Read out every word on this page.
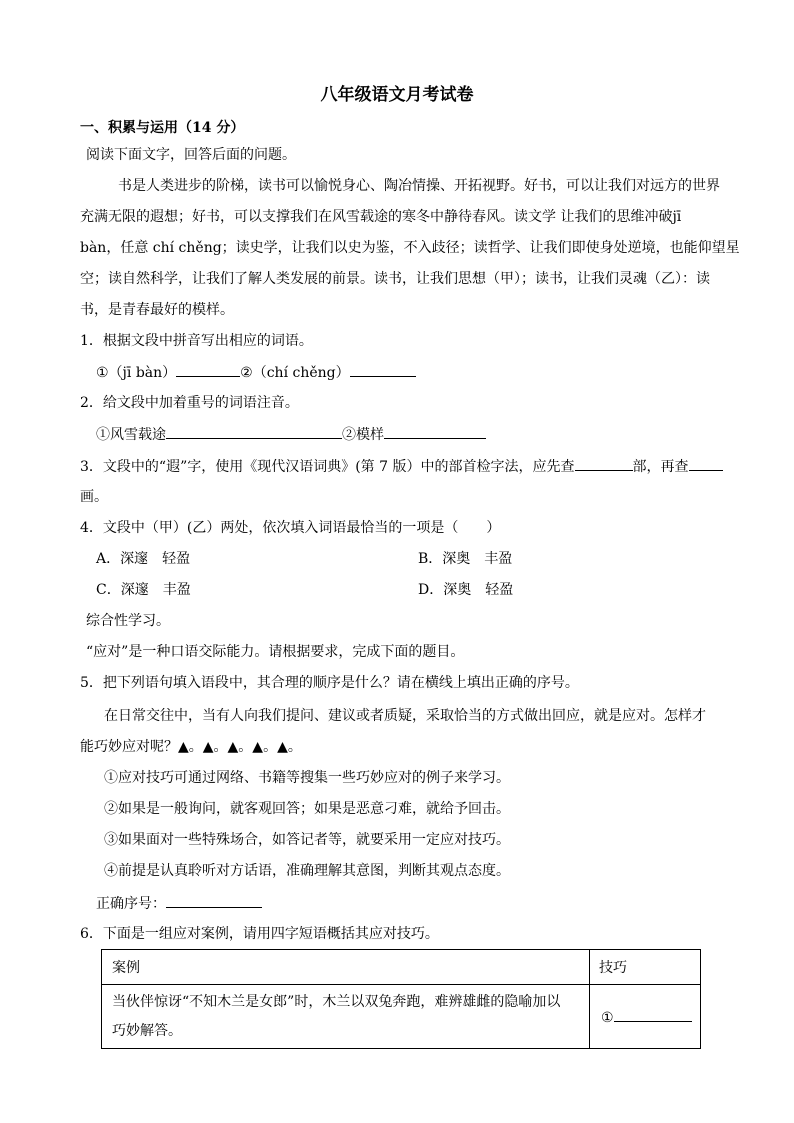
八年级语文月考试卷
一、积累与运用（14 分）
阅读下面文字，回答后面的问题。
书是人类进步的阶梯，读书可以愉悦身心、陶冶情操、开拓视野。好书，可以让我们对远方的世界
充满无限的遐想；好书，可以支撑我们在风雪载途的寒冬中静待春风。读文学 让我们的思维冲破jī
bàn，任意 chí chěng；读史学，让我们以史为鉴，不入歧径；读哲学、让我们即使身处逆境，也能仰望星
空；读自然科学，让我们了解人类发展的前景。读书，让我们思想（甲）；读书，让我们灵魂（乙）：读
书，是青春最好的模样。
1．根据文段中拼音写出相应的词语。
①（jī bàn）	②（chí chěng）
2．给文段中加着重号的词语注音。
①风雪载途	②模样
3．文段中的“遐”字，使用《现代汉语词典》(第 7 版）中的部首检字法，应先查	部，再查
画。
4．文段中（甲）(乙）两处，依次填入词语最恰当的一项是（　　）
A．深邃　轻盈	B．深奥　丰盈
C．深邃　丰盈	D．深奥　轻盈
综合性学习。
“应对”是一种口语交际能力。请根据要求，完成下面的题目。
5．把下列语句填入语段中，其合理的顺序是什么？请在横线上填出正确的序号。
在日常交往中，当有人向我们提问、建议或者质疑，采取恰当的方式做出回应，就是应对。怎样才
能巧妙应对呢？▲。▲。▲。▲。▲。
①应对技巧可通过网络、书籍等搜集一些巧妙应对的例子来学习。
②如果是一般询问，就客观回答；如果是恶意刁难，就给予回击。
③如果面对一些特殊场合，如答记者等，就要采用一定应对技巧。
④前提是认真聆听对方话语，准确理解其意图，判断其观点态度。
正确序号：
6．下面是一组应对案例，请用四字短语概括其应对技巧。
案例	技巧
当伙伴惊讶“不知木兰是女郎”时，木兰以双兔奔跑，难辨雄雌的隐喻加以
巧妙解答。
①
